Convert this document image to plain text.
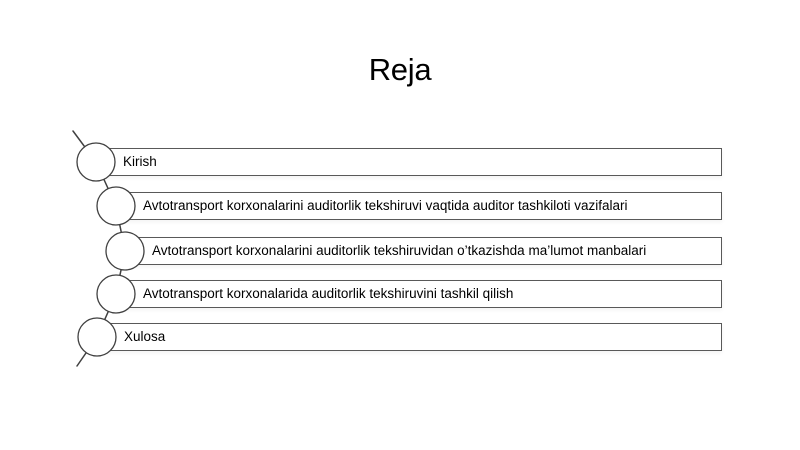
Reja
Kirish
Avtotransport korxonalarini auditorlik tekshiruvi vaqtida auditor tashkiloti vazifalari
Avtotransport korxonalarini auditorlik tekshiruvidan o’tkazishda ma’lumot manbalari
Avtotransport korxonalarida auditorlik tekshiruvini tashkil qilish
Xulosa
